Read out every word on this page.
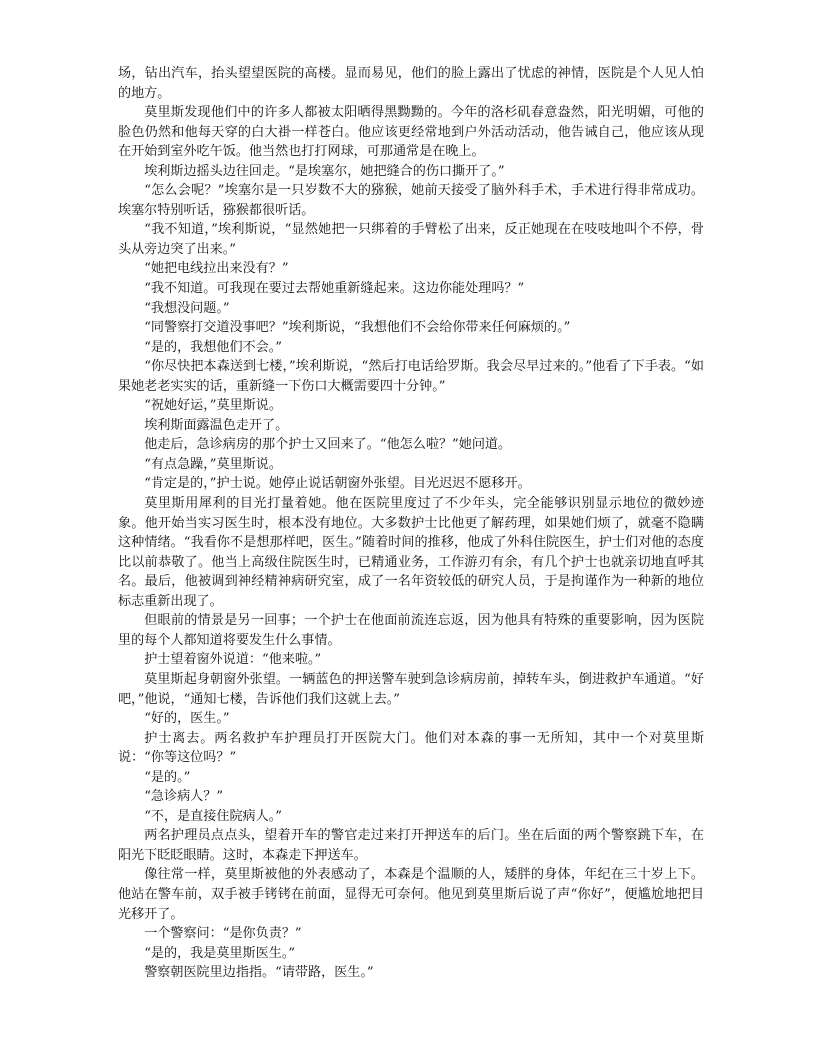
场，钻出汽车，抬头望望医院的高楼。显而易见，他们的脸上露出了忧虑的神情，医院是个人见人怕的地方。

莫里斯发现他们中的许多人都被太阳晒得黑黝黝的。今年的洛杉矶春意盎然，阳光明媚，可他的脸色仍然和他每天穿的白大褂一样苍白。他应该更经常地到户外活动活动，他告诫自己，他应该从现在开始到室外吃午饭。他当然也打打网球，可那通常是在晚上。

埃利斯边摇头边往回走。“是埃塞尔，她把缝合的伤口撕开了。”

“怎么会呢？”埃塞尔是一只岁数不大的猕猴，她前天接受了脑外科手术，手术进行得非常成功。埃塞尔特别听话，猕猴都很听话。

“我不知道，”埃利斯说，“显然她把一只绑着的手臂松了出来，反正她现在在吱吱地叫个不停，骨头从旁边突了出来。”

“她把电线拉出来没有？”

“我不知道。可我现在要过去帮她重新缝起来。这边你能处理吗？”

“我想没问题。”

“同警察打交道没事吧？”埃利斯说，“我想他们不会给你带来任何麻烦的。”

“是的，我想他们不会。”

“你尽快把本森送到七楼，”埃利斯说，“然后打电话给罗斯。我会尽早过来的。”他看了下手表。“如果她老老实实的话，重新缝一下伤口大概需要四十分钟。”

“祝她好运，”莫里斯说。

埃利斯面露温色走开了。

他走后，急诊病房的那个护士又回来了。“他怎么啦？”她问道。

“有点急躁，”莫里斯说。

“肯定是的，”护士说。她停止说话朝窗外张望。目光迟迟不愿移开。

莫里斯用犀利的目光打量着她。他在医院里度过了不少年头，完全能够识别显示地位的微妙迹象。他开始当实习医生时，根本没有地位。大多数护士比他更了解药理，如果她们烦了，就毫不隐瞒这种情绪。“我看你不是想那样吧，医生。”随着时间的推移，他成了外科住院医生，护士们对他的态度比以前恭敬了。他当上高级住院医生时，已精通业务，工作游刃有余，有几个护士也就亲切地直呼其名。最后，他被调到神经精神病研究室，成了一名年资较低的研究人员，于是拘谨作为一种新的地位标志重新出现了。

但眼前的情景是另一回事；一个护士在他面前流连忘返，因为他具有特殊的重要影响，因为医院里的每个人都知道将要发生什么事情。

护士望着窗外说道：“他来啦。”

莫里斯起身朝窗外张望。一辆蓝色的押送警车驶到急诊病房前，掉转车头，倒进救护车通道。“好吧，”他说，“通知七楼，告诉他们我们这就上去。”

“好的，医生。”

护士离去。两名救护车护理员打开医院大门。他们对本森的事一无所知，其中一个对莫里斯说：“你等这位吗？”

“是的。”

“急诊病人？”

“不，是直接住院病人。”

两名护理员点点头，望着开车的警官走过来打开押送车的后门。坐在后面的两个警察跳下车，在阳光下眨眨眼睛。这时，本森走下押送车。

像往常一样，莫里斯被他的外表感动了，本森是个温顺的人，矮胖的身体，年纪在三十岁上下。他站在警车前，双手被手铐铐在前面，显得无可奈何。他见到莫里斯后说了声“你好”，便尴尬地把目光移开了。

一个警察问：“是你负责？”

“是的，我是莫里斯医生。”

警察朝医院里边指指。“请带路，医生。”
